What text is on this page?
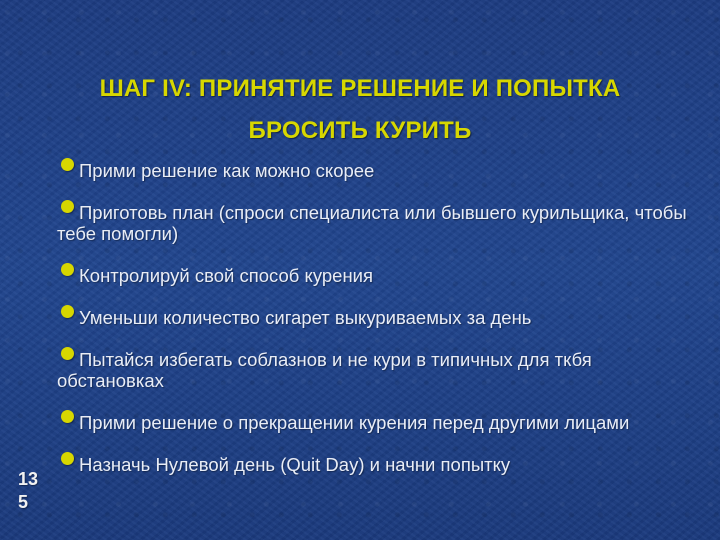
ШАГ IV: ПРИНЯТИЕ РЕШЕНИЕ И ПОПЫТКА
БРОСИТЬ КУРИТЬ
Прими решение как можно скорее
Приготовь план (спроси специалиста или бывшего курильщика, чтобы тебе помогли)
Контролируй свой способ курения
Уменьши количество сигарет выкуриваемых за день
Пытайся избегать соблазнов и не кури в типичных для ткбя обстановках
Прими решение о прекращении курения перед другими лицами
Назначь Нулевой день (Quit Day) и начни попытку
135
